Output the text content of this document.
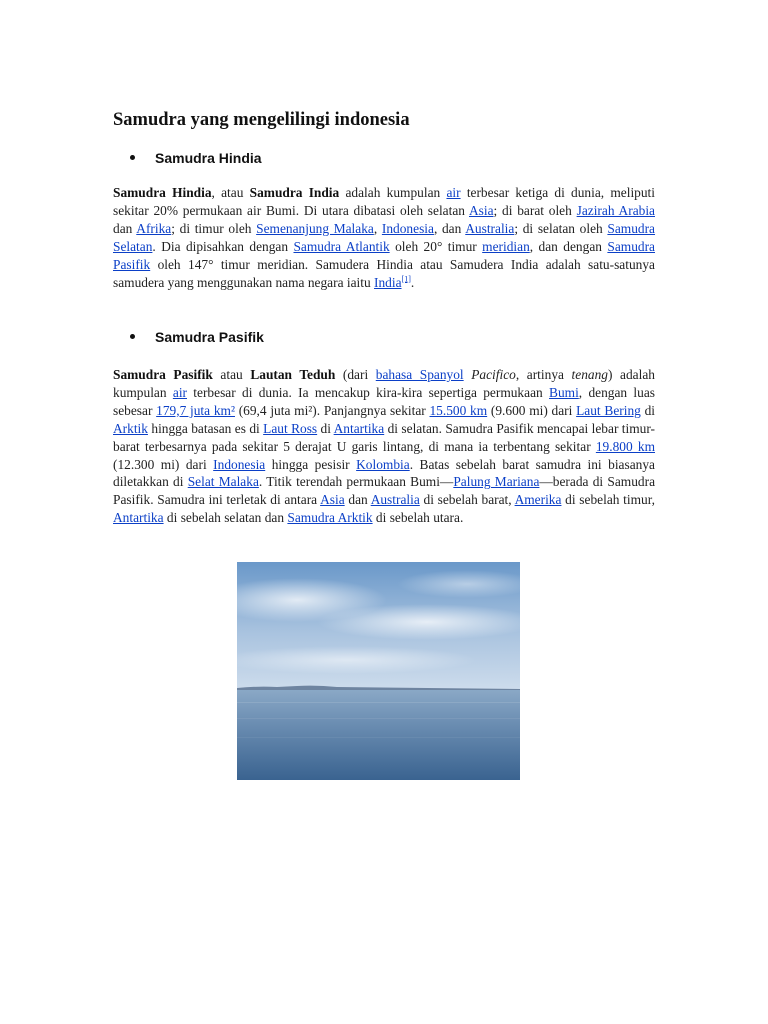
Samudra yang mengelilingi indonesia
Samudra Hindia

Samudra Hindia, atau Samudra India adalah kumpulan air terbesar ketiga di dunia, meliputi sekitar 20% permukaan air Bumi. Di utara dibatasi oleh selatan Asia; di barat oleh Jazirah Arabia dan Afrika; di timur oleh Semenanjung Malaka, Indonesia, dan Australia; di selatan oleh Samudra Selatan. Dia dipisahkan dengan Samudra Atlantik oleh 20° timur meridian, dan dengan Samudra Pasifik oleh 147° timur meridian. Samudera Hindia atau Samudera India adalah satu-satunya samudera yang menggunakan nama negara iaitu India[1].

Samudra Pasifik

Samudra Pasifik atau Lautan Teduh (dari bahasa Spanyol Pacifico, artinya tenang) adalah kumpulan air terbesar di dunia. Ia mencakup kira-kira sepertiga permukaan Bumi, dengan luas sebesar 179,7 juta km² (69,4 juta mi²). Panjangnya sekitar 15.500 km (9.600 mi) dari Laut Bering di Arktik hingga batasan es di Laut Ross di Antartika di selatan. Samudra Pasifik mencapai lebar timur-barat terbesarnya pada sekitar 5 derajat U garis lintang, di mana ia terbentang sekitar 19.800 km (12.300 mi) dari Indonesia hingga pesisir Kolombia. Batas sebelah barat samudra ini biasanya diletakkan di Selat Malaka. Titik terendah permukaan Bumi—Palung Mariana—berada di Samudra Pasifik. Samudra ini terletak di antara Asia dan Australia di sebelah barat, Amerika di sebelah timur, Antartika di sebelah selatan dan Samudra Arktik di sebelah utara.
